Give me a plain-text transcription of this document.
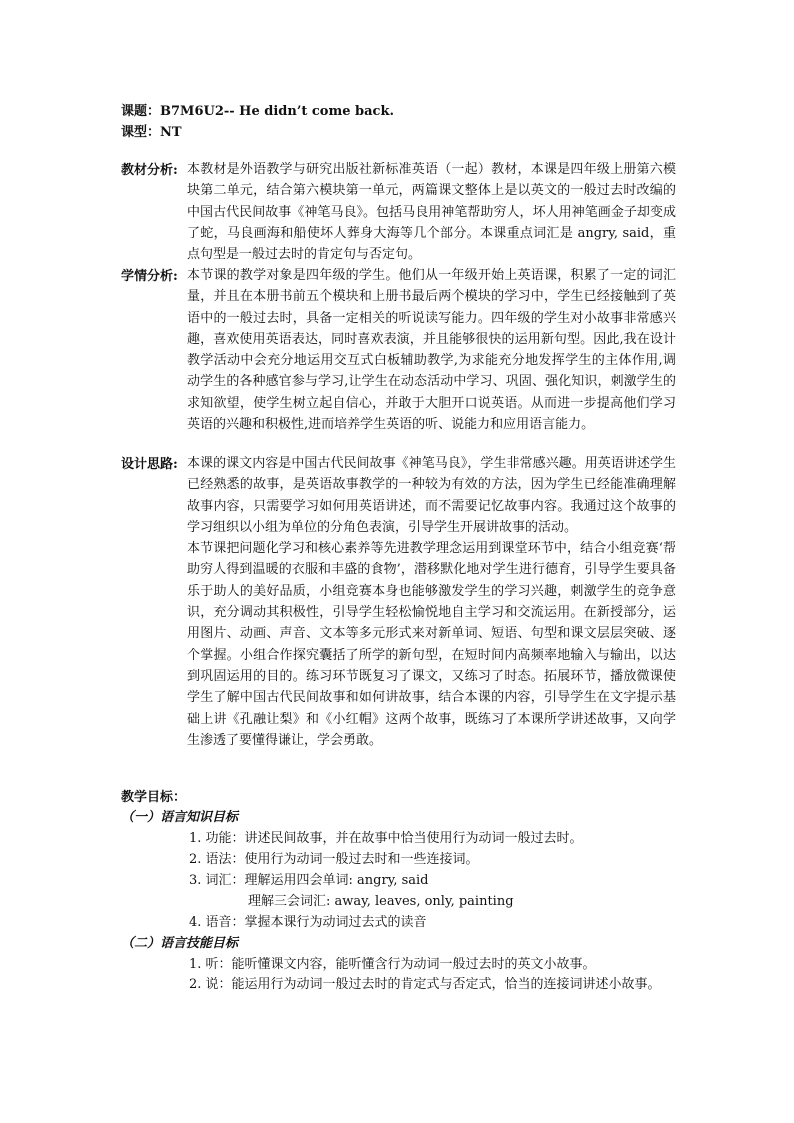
课题：B7M6U2-- He didn’t come back.
课型：NT
教材分析: 本教材是外语教学与研究出版社新标准英语（一起）教材，本课是四年级上册第六模块第二单元，结合第六模块第一单元，两篇课文整体上是以英文的一般过去时改编的中国古代民间故事《神笔马良》。包括马良用神笔帮助穷人，坏人用神笔画金子却变成了蛇，马良画海和船使坏人葬身大海等几个部分。本课重点词汇是 angry, said，重点句型是一般过去时的肯定句与否定句。

学情分析: 本节课的教学对象是四年级的学生。他们从一年级开始上英语课，积累了一定的词汇量，并且在本册书前五个模块和上册书最后两个模块的学习中，学生已经接触到了英语中的一般过去时，具备一定相关的听说读写能力。四年级的学生对小故事非常感兴趣，喜欢使用英语表达，同时喜欢表演，并且能够很快的运用新句型。因此,我在设计教学活动中会充分地运用交互式白板辅助教学,为求能充分地发挥学生的主体作用,调动学生的各种感官参与学习,让学生在动态活动中学习、巩固、强化知识，刺激学生的求知欲望，使学生树立起自信心，并敢于大胆开口说英语。从而进一步提高他们学习英语的兴趣和积极性,进而培养学生英语的听、说能力和应用语言能力。

设计思路: 本课的课文内容是中国古代民间故事《神笔马良》，学生非常感兴趣。用英语讲述学生已经熟悉的故事，是英语故事教学的一种较为有效的方法，因为学生已经能准确理解故事内容，只需要学习如何用英语讲述，而不需要记忆故事内容。我通过这个故事的学习组织以小组为单位的分角色表演，引导学生开展讲故事的活动。

本节课把问题化学习和核心素养等先进教学理念运用到课堂环节中，结合小组竞赛‘帮助穷人得到温暖的衣服和丰盛的食物’，潜移默化地对学生进行德育，引导学生要具备乐于助人的美好品质，小组竞赛本身也能够激发学生的学习兴趣，刺激学生的竞争意识，充分调动其积极性，引导学生轻松愉悦地自主学习和交流运用。在新授部分，运用图片、动画、声音、文本等多元形式来对新单词、短语、句型和课文层层突破、逐个掌握。小组合作探究囊括了所学的新句型，在短时间内高频率地输入与输出，以达到巩固运用的目的。练习环节既复习了课文，又练习了时态。拓展环节，播放微课使学生了解中国古代民间故事和如何讲故事，结合本课的内容，引导学生在文字提示基础上讲《孔融让梨》和《小红帽》这两个故事，既练习了本课所学讲述故事，又向学生渗透了要懂得谦让，学会勇敢。

教学目标：
（一）语言知识目标
1. 功能：讲述民间故事，并在故事中恰当使用行为动词一般过去时。
2. 语法：使用行为动词一般过去时和一些连接词。
3. 词汇：理解运用四会单词: angry, said
理解三会词汇: away, leaves, only, painting
4. 语音：掌握本课行为动词过去式的读音
（二）语言技能目标
1. 听：能听懂课文内容，能听懂含行为动词一般过去时的英文小故事。
2. 说：能运用行为动词一般过去时的肯定式与否定式，恰当的连接词讲述小故事。
